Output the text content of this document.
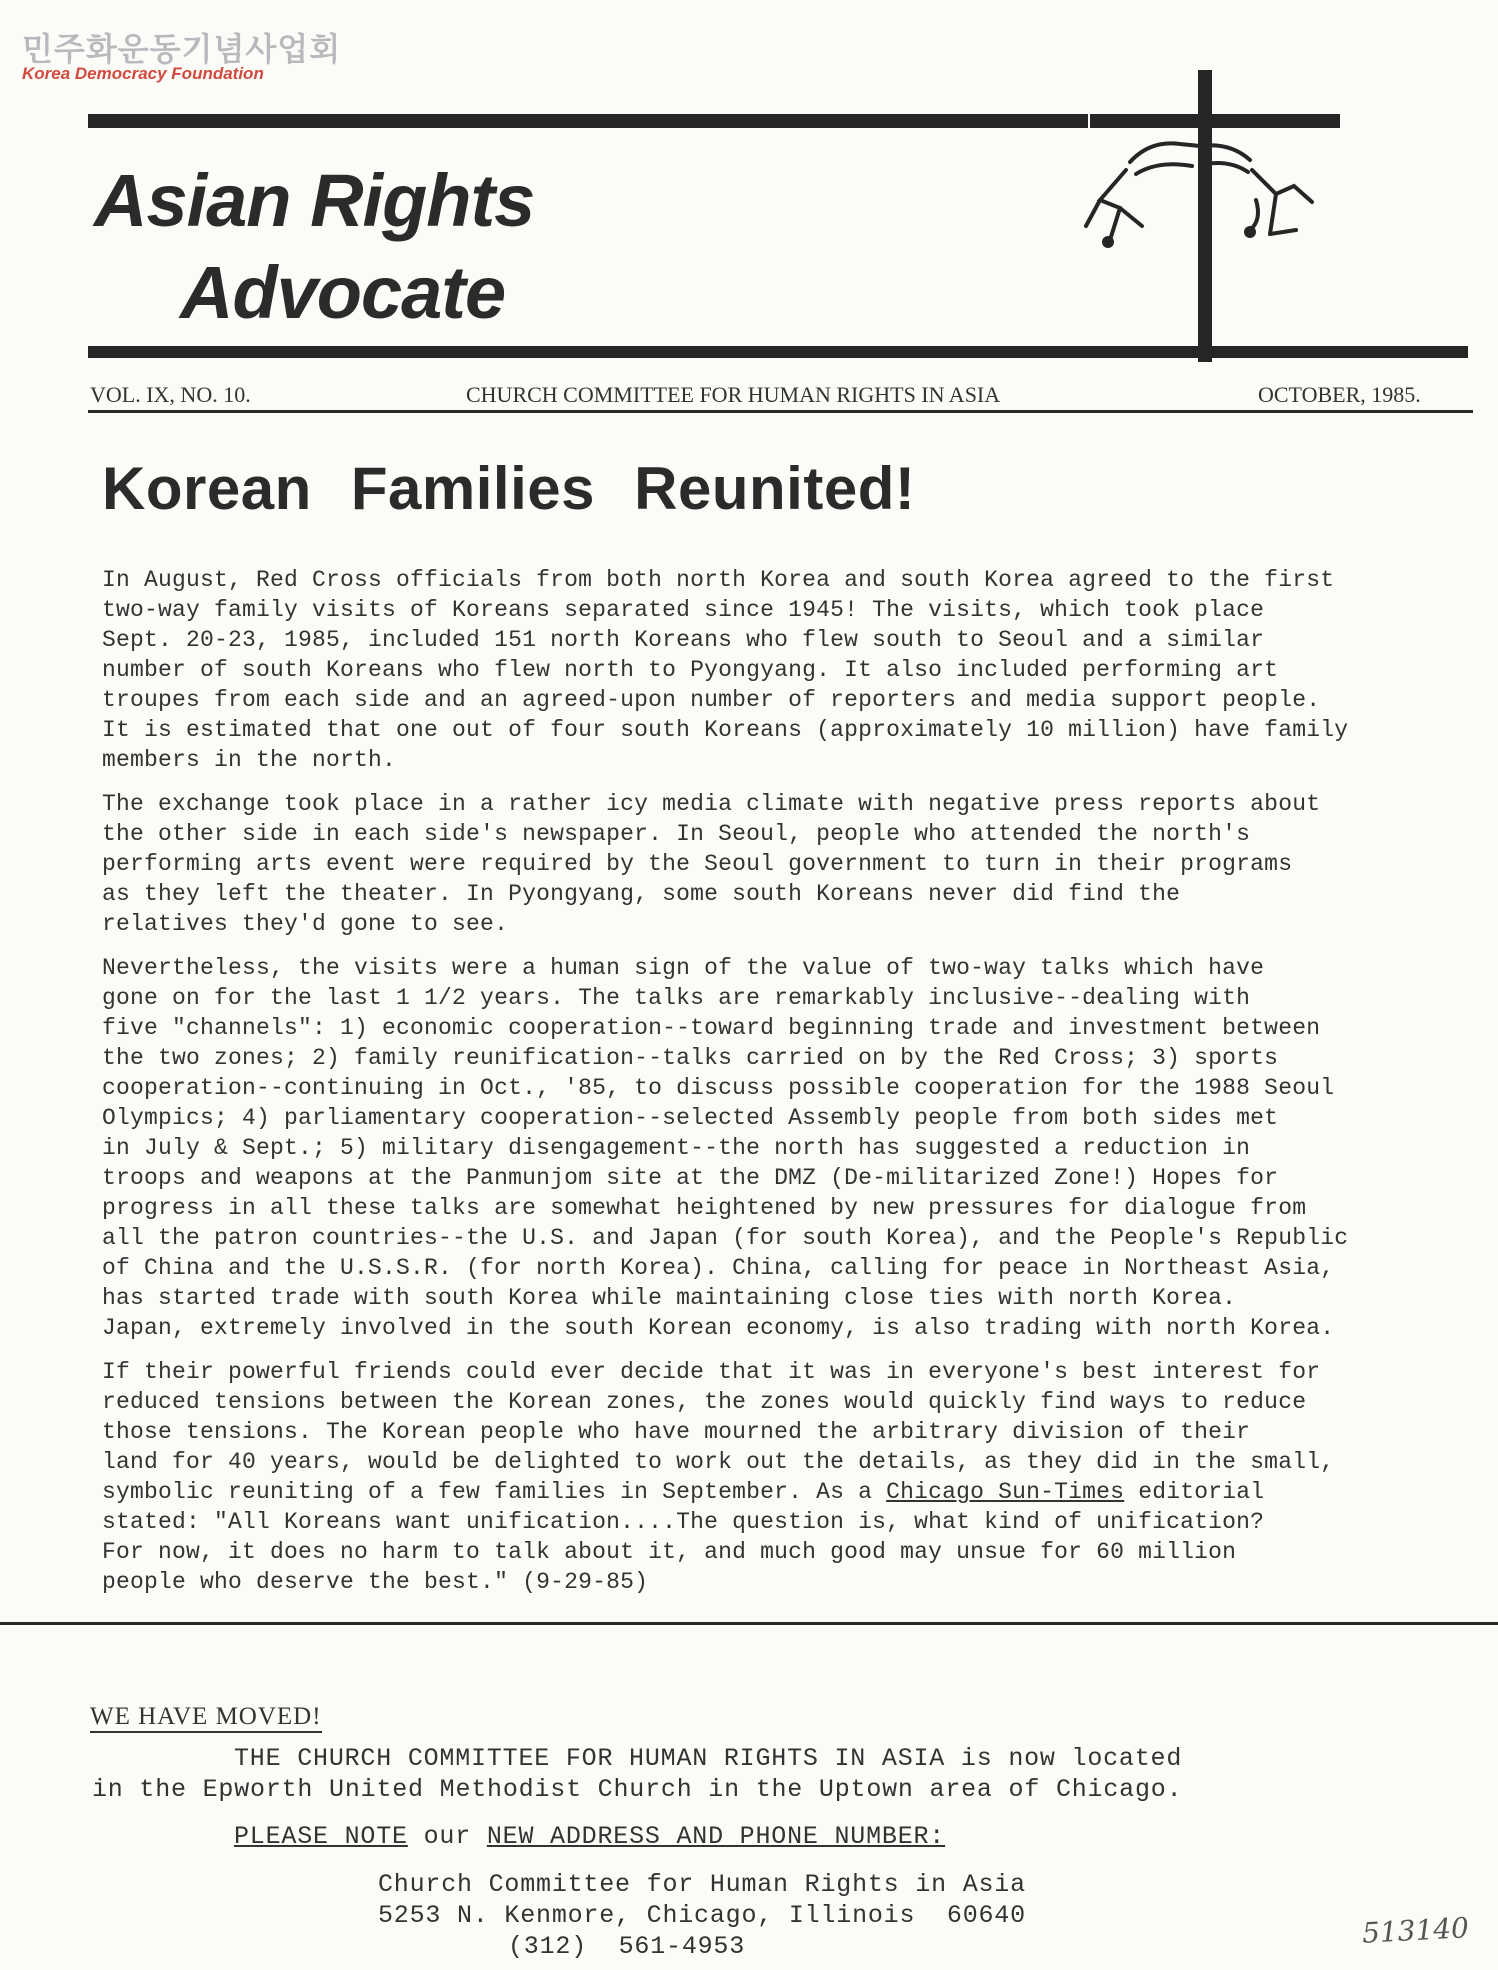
민주화운동기념사업회
Korea Democracy Foundation
Asian Rights
Advocate
VOL. IX, NO. 10.	CHURCH COMMITTEE FOR HUMAN RIGHTS IN ASIA	OCTOBER, 1985.
Korean Families Reunited!

In August, Red Cross officials from both north Korea and south Korea agreed to the first
two-way family visits of Koreans separated since 1945! The visits, which took place
Sept. 20-23, 1985, included 151 north Koreans who flew south to Seoul and a similar
number of south Koreans who flew north to Pyongyang. It also included performing art
troupes from each side and an agreed-upon number of reporters and media support people.
It is estimated that one out of four south Koreans (approximately 10 million) have family
members in the north.

The exchange took place in a rather icy media climate with negative press reports about
the other side in each side's newspaper. In Seoul, people who attended the north's
performing arts event were required by the Seoul government to turn in their programs
as they left the theater. In Pyongyang, some south Koreans never did find the
relatives they'd gone to see.

Nevertheless, the visits were a human sign of the value of two-way talks which have
gone on for the last 1 1/2 years. The talks are remarkably inclusive--dealing with
five "channels": 1) economic cooperation--toward beginning trade and investment between
the two zones; 2) family reunification--talks carried on by the Red Cross; 3) sports
cooperation--continuing in Oct., '85, to discuss possible cooperation for the 1988 Seoul
Olympics; 4) parliamentary cooperation--selected Assembly people from both sides met
in July & Sept.; 5) military disengagement--the north has suggested a reduction in
troops and weapons at the Panmunjom site at the DMZ (De-militarized Zone!) Hopes for
progress in all these talks are somewhat heightened by new pressures for dialogue from
all the patron countries--the U.S. and Japan (for south Korea), and the People's Republic
of China and the U.S.S.R. (for north Korea). China, calling for peace in Northeast Asia,
has started trade with south Korea while maintaining close ties with north Korea.
Japan, extremely involved in the south Korean economy, is also trading with north Korea.

If their powerful friends could ever decide that it was in everyone's best interest for
reduced tensions between the Korean zones, the zones would quickly find ways to reduce
those tensions. The Korean people who have mourned the arbitrary division of their
land for 40 years, would be delighted to work out the details, as they did in the small,
symbolic reuniting of a few families in September. As a Chicago Sun-Times editorial
stated: "All Koreans want unification....The question is, what kind of unification?
For now, it does no harm to talk about it, and much good may unsue for 60 million
people who deserve the best." (9-29-85)

WE HAVE MOVED!
THE CHURCH COMMITTEE FOR HUMAN RIGHTS IN ASIA is now located
in the Epworth United Methodist Church in the Uptown area of Chicago.
PLEASE NOTE our NEW ADDRESS AND PHONE NUMBER:
Church Committee for Human Rights in Asia
5253 N. Kenmore, Chicago, Illinois  60640
(312)  561-4953	513140
